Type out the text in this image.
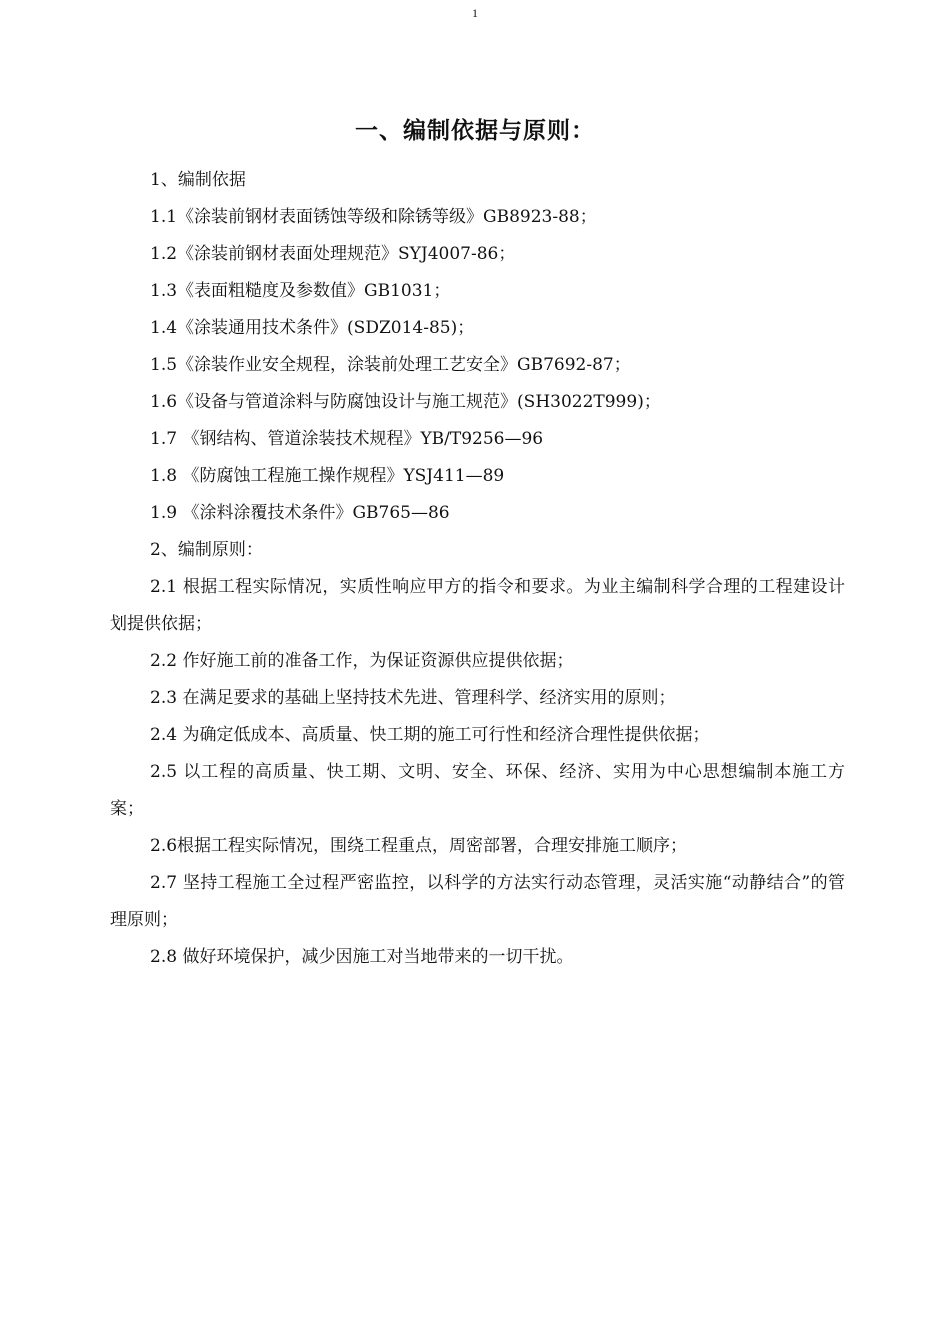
1
一、编制依据与原则：

1、编制依据

1.1《涂装前钢材表面锈蚀等级和除锈等级》GB8923-88；

1.2《涂装前钢材表面处理规范》SYJ4007-86；

1.3《表面粗糙度及参数值》GB1031；

1.4《涂装通用技术条件》(SDZ014-85)；

1.5《涂装作业安全规程，涂装前处理工艺安全》GB7692-87；

1.6《设备与管道涂料与防腐蚀设计与施工规范》(SH3022T999)；

1.7 《钢结构、管道涂装技术规程》YB/T9256—96

1.8 《防腐蚀工程施工操作规程》YSJ411—89

1.9 《涂料涂覆技术条件》GB765—86

2、编制原则：

2.1 根据工程实际情况，实质性响应甲方的指令和要求。为业主编制科学合理的工程建设计划提供依据；

2.2 作好施工前的准备工作，为保证资源供应提供依据；

2.3 在满足要求的基础上坚持技术先进、管理科学、经济实用的原则；

2.4 为确定低成本、高质量、快工期的施工可行性和经济合理性提供依据；

2.5 以工程的高质量、快工期、文明、安全、环保、经济、实用为中心思想编制本施工方案；

2.6根据工程实际情况，围绕工程重点，周密部署，合理安排施工顺序；

2.7 坚持工程施工全过程严密监控，以科学的方法实行动态管理，灵活实施“动静结合”的管理原则；

2.8 做好环境保护，减少因施工对当地带来的一切干扰。
